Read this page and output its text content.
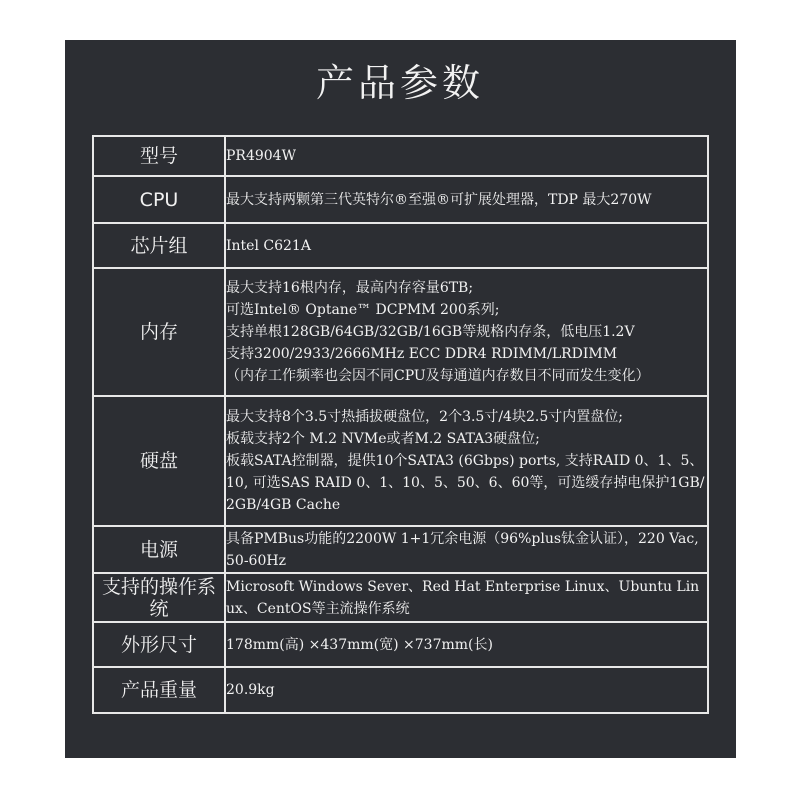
产品参数
型号	PR4904W

CPU	最大支持两颗第三代英特尔®至强®可扩展处理器，TDP 最大270W

芯片组	Intel C621A

内存	最大支持16根内存，最高内存容量6TB;
可选Intel® Optane™ DCPMM 200系列;
支持单根128GB/64GB/32GB/16GB等规格内存条，低电压1.2V
支持3200/2933/2666MHz ECC DDR4 RDIMM/LRDIMM
（内存工作频率也会因不同CPU及每通道内存数目不同而发生变化）

硬盘	最大支持8个3.5寸热插拔硬盘位，2个3.5寸/4块2.5寸内置盘位;
板载支持2个 M.2 NVMe或者M.2 SATA3硬盘位;
板载SATA控制器，提供10个SATA3 (6Gbps) ports, 支持RAID 0、1、5、10, 可选SAS RAID 0、1、10、5、50、6、60等，可选缓存掉电保护1GB/2GB/4GB Cache

电源	具备PMBus功能的2200W 1+1冗余电源（96%plus钛金认证），220 Vac, 50-60Hz

支持的操作系统	Microsoft Windows Sever、Red Hat Enterprise Linux、Ubuntu Linux、CentOS等主流操作系统

外形尺寸	178mm(高) ×437mm(宽) ×737mm(长)

产品重量	20.9kg
